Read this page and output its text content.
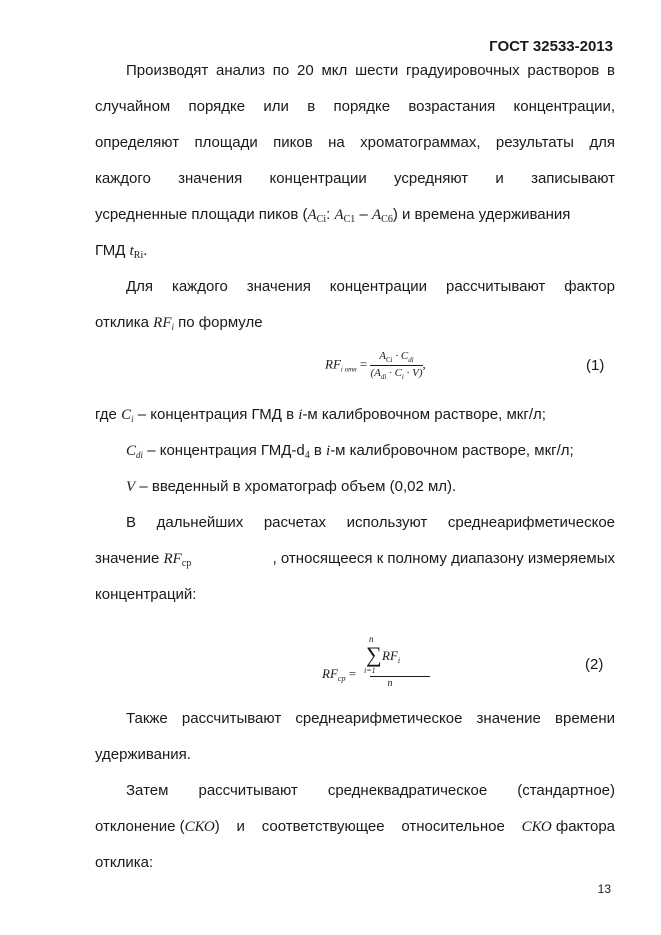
ГОСТ 32533-2013
Производят анализ по 20 мкл шести градуировочных растворов в
случайном порядке или в порядке возрастания концентрации,
определяют площади пиков на хроматограммах, результаты для
каждого значения концентрации усредняют и записывают
усредненные площади пиков ($A_{Ci}$: $A_{C1} - A_{C6}$) и времена удерживания
ГМД $t_{Ri}$.
Для каждого значения концентрации рассчитывают фактор
отклика $RF_i$ по формуле
$RF_{i отн} = \frac{A_{Ci} \cdot C_{di}}{(A_{di} \cdot C_i \cdot V)}$ ,	(1)
где $C_i$ – концентрация ГМД в i-м калибровочном растворе, мкг/л;
$C_{di}$ – концентрация ГМД-$d_4$ в i-м калибровочном растворе, мкг/л;
V – введенный в хроматограф объем (0,02 мл).
В дальнейших расчетах используют среднеарифметическое
значение $RF_{ср}$	, относящееся к полному диапазону измеряемых
концентраций:
$RF_{ср}$ =
n
∑
i=1
$RF_i$
n
(2)
Также рассчитывают среднеарифметическое значение времени
удерживания.
Затем рассчитывают среднеквадратическое (стандартное)
отклонение (СКО) и соответствующее относительное СКО фактора
отклика:
13
